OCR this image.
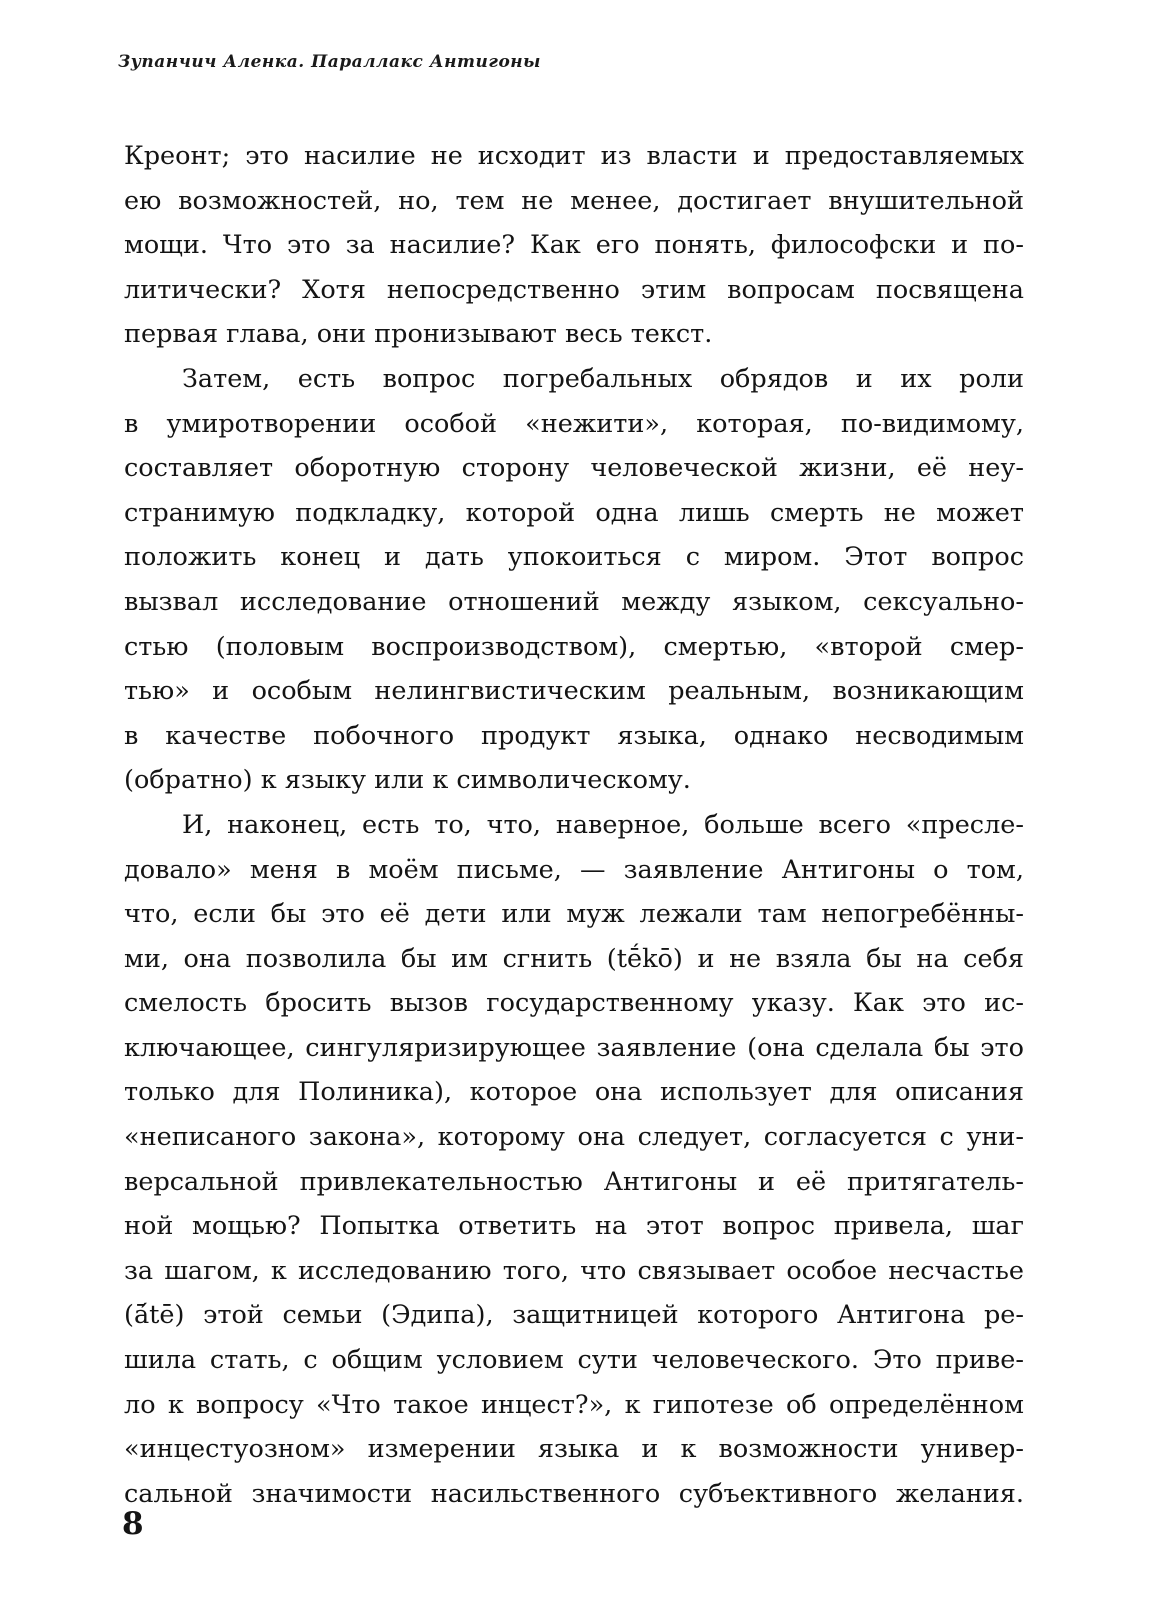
Зупанчич Аленка. Параллакс Антигоны

Креонт; это насилие не исходит из власти и предоставляемых
ею возможностей, но, тем не менее, достигает внушительной
мощи. Что это за насилие? Как его понять, философски и по-
литически? Хотя непосредственно этим вопросам посвящена
первая глава, они пронизывают весь текст.

Затем, есть вопрос погребальных обрядов и их роли
в умиротворении особой «нежити», которая, по-видимому,
составляет оборотную сторону человеческой жизни, её неу-
странимую подкладку, которой одна лишь смерть не может
положить конец и дать упокоиться с миром. Этот вопрос
вызвал исследование отношений между языком, сексуально-
стью (половым воспроизводством), смертью, «второй смер-
тью» и особым нелингвистическим реальным, возникающим
в качестве побочного продукт языка, однако несводимым
(обратно) к языку или к символическому.

И, наконец, есть то, что, наверное, больше всего «пресле-
довало» меня в моём письме, — заявление Антигоны о том,
что, если бы это её дети или муж лежали там непогребённы-
ми, она позволила бы им сгнить (tḗkō) и не взяла бы на себя
смелость бросить вызов государственному указу. Как это ис-
ключающее, сингуляризирующее заявление (она сделала бы это
только для Полиника), которое она использует для описания
«неписаного закона», которому она следует, согласуется с уни-
версальной привлекательностью Антигоны и её притягатель-
ной мощью? Попытка ответить на этот вопрос привела, шаг
за шагом, к исследованию того, что связывает особое несчастье
(ā́tē) этой семьи (Эдипа), защитницей которого Антигона ре-
шила стать, с общим условием сути человеческого. Это приве-
ло к вопросу «Что такое инцест?», к гипотезе об определённом
«инцестуозном» измерении языка и к возможности универ-
сальной значимости насильственного субъективного желания.

8
